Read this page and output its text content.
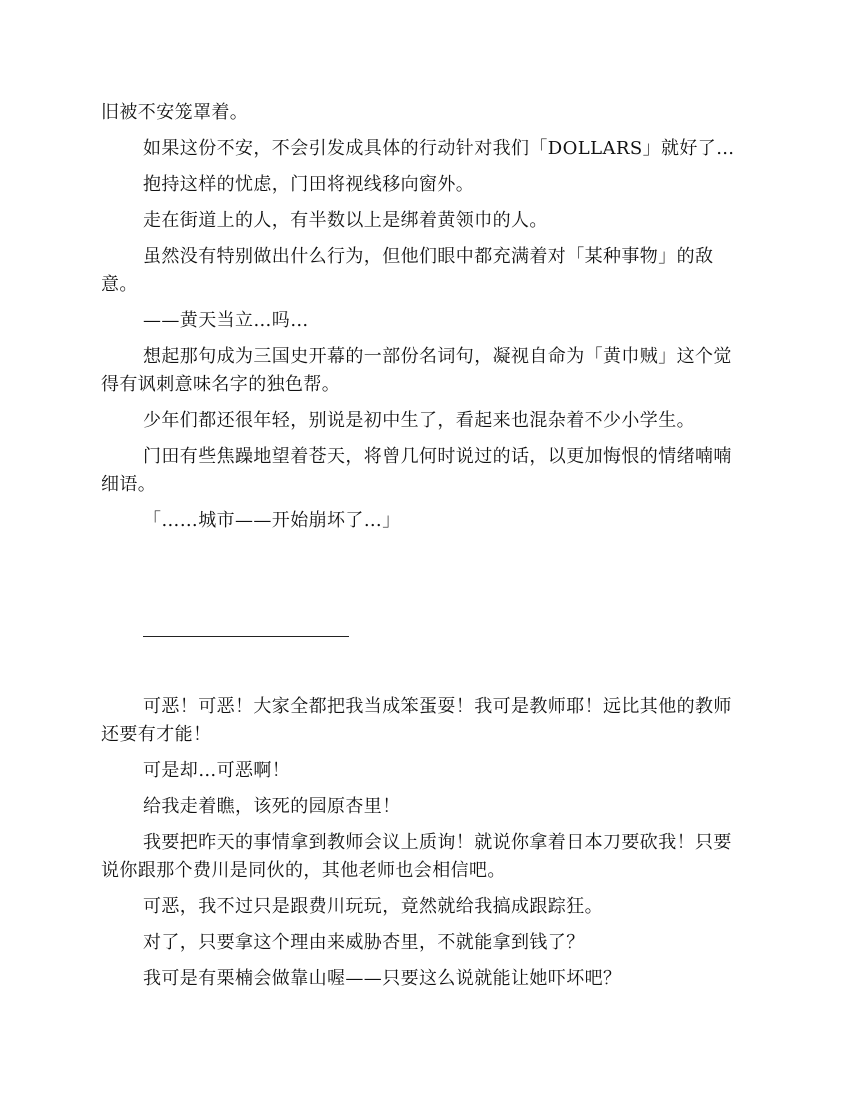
旧被不安笼罩着。

如果这份不安，不会引发成具体的行动针对我们「DOLLARS」就好了…

抱持这样的忧虑，门田将视线移向窗外。

走在街道上的人，有半数以上是绑着黄领巾的人。

虽然没有特别做出什么行为，但他们眼中都充满着对「某种事物」的敌意。

——黄天当立…吗…

想起那句成为三国史开幕的一部份名词句，凝视自命为「黄巾贼」这个觉得有讽刺意味名字的独色帮。

少年们都还很年轻，别说是初中生了，看起来也混杂着不少小学生。

门田有些焦躁地望着苍天，将曾几何时说过的话，以更加悔恨的情绪喃喃细语。

「……城市——开始崩坏了…」

可恶！可恶！大家全都把我当成笨蛋耍！我可是教师耶！远比其他的教师还要有才能！

可是却…可恶啊！

给我走着瞧，该死的园原杏里！

我要把昨天的事情拿到教师会议上质询！就说你拿着日本刀要砍我！只要说你跟那个费川是同伙的，其他老师也会相信吧。

可恶，我不过只是跟费川玩玩，竟然就给我搞成跟踪狂。

对了，只要拿这个理由来威胁杏里，不就能拿到钱了？

我可是有栗楠会做靠山喔——只要这么说就能让她吓坏吧？
